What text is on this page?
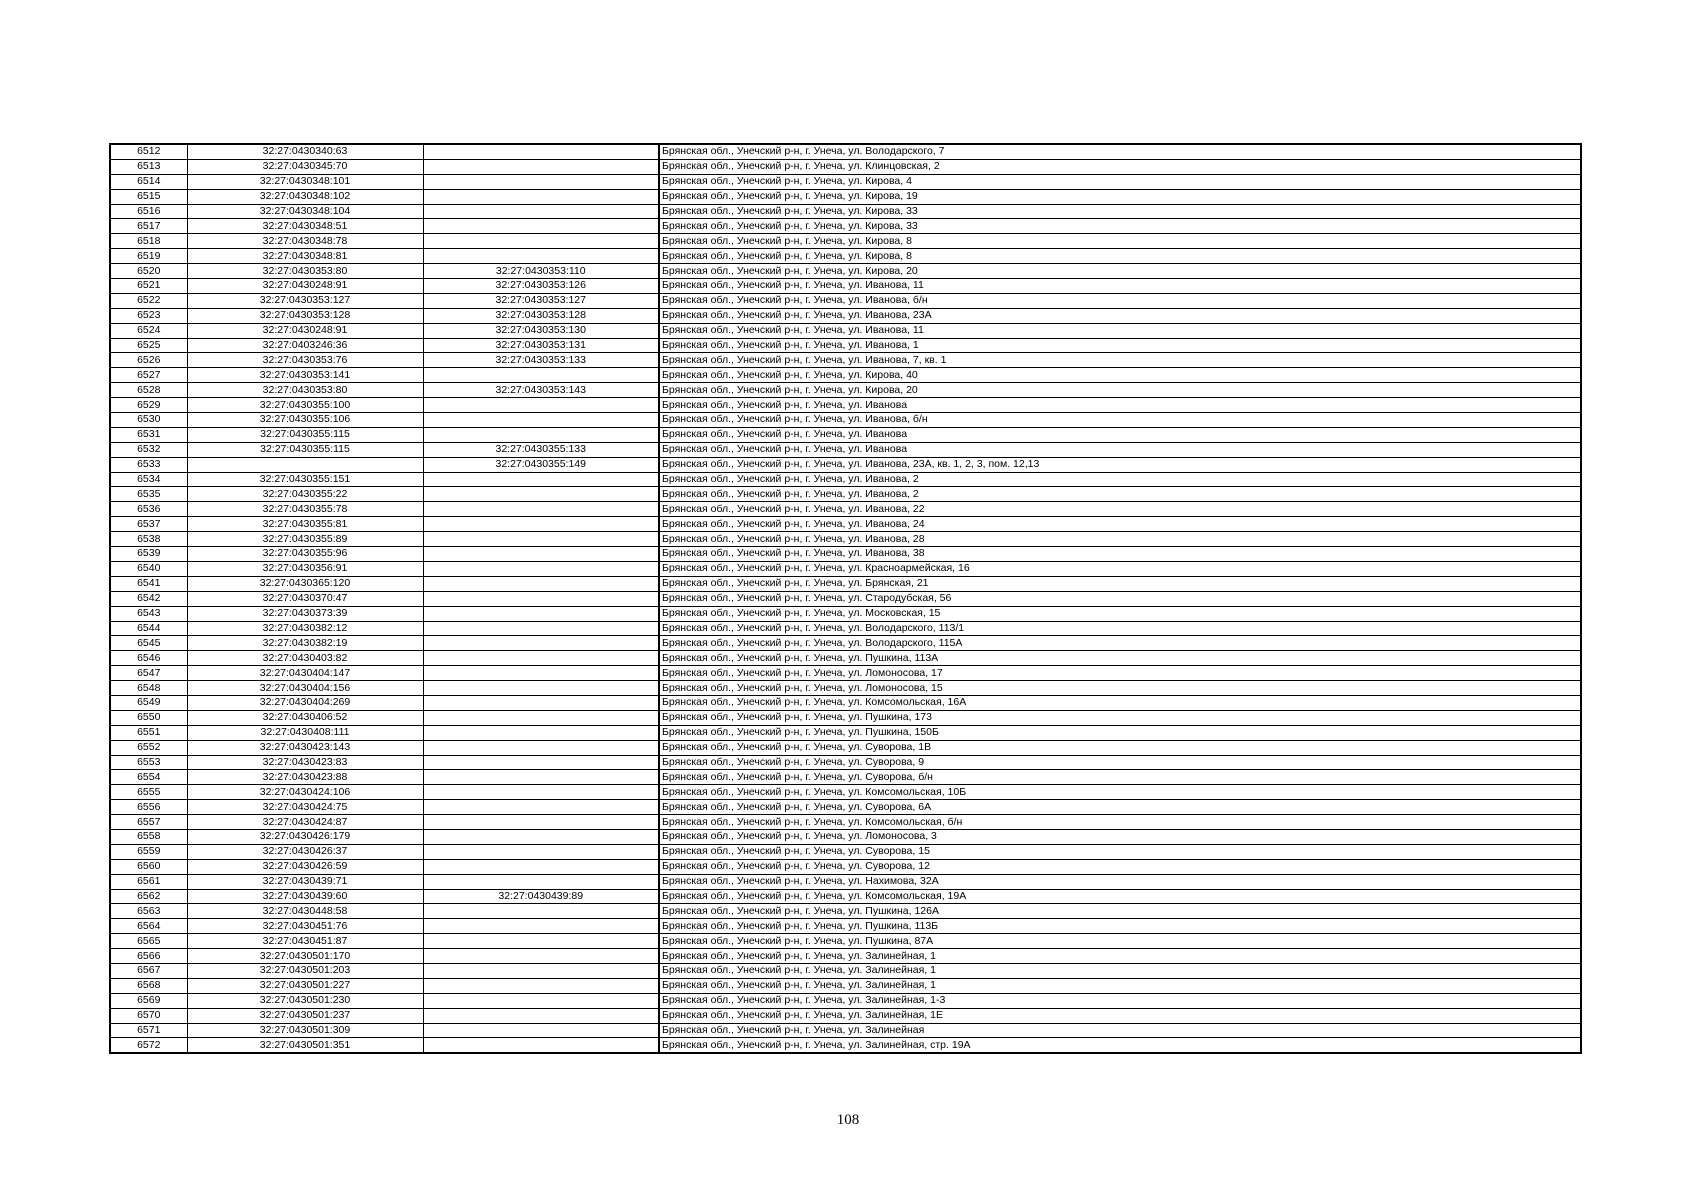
6512	32:27:0430340:63		Брянская обл., Унечский р-н, г. Унеча, ул. Володарского, 7
6513	32:27:0430345:70		Брянская обл., Унечский р-н, г. Унеча, ул. Клинцовская, 2
6514	32:27:0430348:101		Брянская обл., Унечский р-н, г. Унеча, ул. Кирова, 4
6515	32:27:0430348:102		Брянская обл., Унечский р-н, г. Унеча, ул. Кирова, 19
6516	32:27:0430348:104		Брянская обл., Унечский р-н, г. Унеча, ул. Кирова, 33
6517	32:27:0430348:51		Брянская обл., Унечский р-н, г. Унеча, ул. Кирова, 33
6518	32:27:0430348:78		Брянская обл., Унечский р-н, г. Унеча, ул. Кирова, 8
6519	32:27:0430348:81		Брянская обл., Унечский р-н, г. Унеча, ул. Кирова, 8
6520	32:27:0430353:80	32:27:0430353:110	Брянская обл., Унечский р-н, г. Унеча, ул. Кирова, 20
6521	32:27:0430248:91	32:27:0430353:126	Брянская обл., Унечский р-н, г. Унеча, ул. Иванова, 11
6522	32:27:0430353:127	32:27:0430353:127	Брянская обл., Унечский р-н, г. Унеча, ул. Иванова, б/н
6523	32:27:0430353:128	32:27:0430353:128	Брянская обл., Унечский р-н, г. Унеча, ул. Иванова, 23А
6524	32:27:0430248:91	32:27:0430353:130	Брянская обл., Унечский р-н, г. Унеча, ул. Иванова, 11
6525	32:27:0403246:36	32:27:0430353:131	Брянская обл., Унечский р-н, г. Унеча, ул. Иванова, 1
6526	32:27:0430353:76	32:27:0430353:133	Брянская обл., Унечский р-н, г. Унеча, ул. Иванова, 7, кв. 1
6527	32:27:0430353:141		Брянская обл., Унечский р-н, г. Унеча, ул. Кирова, 40
6528	32:27:0430353:80	32:27:0430353:143	Брянская обл., Унечский р-н, г. Унеча, ул. Кирова, 20
6529	32:27:0430355:100		Брянская обл., Унечский р-н, г. Унеча, ул. Иванова
6530	32:27:0430355:106		Брянская обл., Унечский р-н, г. Унеча, ул. Иванова, б/н
6531	32:27:0430355:115		Брянская обл., Унечский р-н, г. Унеча, ул. Иванова
6532	32:27:0430355:115	32:27:0430355:133	Брянская обл., Унечский р-н, г. Унеча, ул. Иванова
6533		32:27:0430355:149	Брянская обл., Унечский р-н, г. Унеча, ул. Иванова, 23А, кв. 1, 2, 3, пом. 12,13
6534	32:27:0430355:151		Брянская обл., Унечский р-н, г. Унеча, ул. Иванова, 2
6535	32:27:0430355:22		Брянская обл., Унечский р-н, г. Унеча, ул. Иванова, 2
6536	32:27:0430355:78		Брянская обл., Унечский р-н, г. Унеча, ул. Иванова, 22
6537	32:27:0430355:81		Брянская обл., Унечский р-н, г. Унеча, ул. Иванова, 24
6538	32:27:0430355:89		Брянская обл., Унечский р-н, г. Унеча, ул. Иванова, 28
6539	32:27:0430355:96		Брянская обл., Унечский р-н, г. Унеча, ул. Иванова, 38
6540	32:27:0430356:91		Брянская обл., Унечский р-н, г. Унеча, ул. Красноармейская, 16
6541	32:27:0430365:120		Брянская обл., Унечский р-н, г. Унеча, ул. Брянская, 21
6542	32:27:0430370:47		Брянская обл., Унечский р-н, г. Унеча, ул. Стародубская, 56
6543	32:27:0430373:39		Брянская обл., Унечский р-н, г. Унеча, ул. Московская, 15
6544	32:27:0430382:12		Брянская обл., Унечский р-н, г. Унеча, ул. Володарского, 113/1
6545	32:27:0430382:19		Брянская обл., Унечский р-н, г. Унеча, ул. Володарского, 115А
6546	32:27:0430403:82		Брянская обл., Унечский р-н, г. Унеча, ул. Пушкина, 113А
6547	32:27:0430404:147		Брянская обл., Унечский р-н, г. Унеча, ул. Ломоносова, 17
6548	32:27:0430404:156		Брянская обл., Унечский р-н, г. Унеча, ул. Ломоносова, 15
6549	32:27:0430404:269		Брянская обл., Унечский р-н, г. Унеча, ул. Комсомольская, 16А
6550	32:27:0430406:52		Брянская обл., Унечский р-н, г. Унеча, ул. Пушкина, 173
6551	32:27:0430408:111		Брянская обл., Унечский р-н, г. Унеча, ул. Пушкина, 150Б
6552	32:27:0430423:143		Брянская обл., Унечский р-н, г. Унеча, ул. Суворова, 1В
6553	32:27:0430423:83		Брянская обл., Унечский р-н, г. Унеча, ул. Суворова, 9
6554	32:27:0430423:88		Брянская обл., Унечский р-н, г. Унеча, ул. Суворова, б/н
6555	32:27:0430424:106		Брянская обл., Унечский р-н, г. Унеча, ул. Комсомольская, 10Б
6556	32:27:0430424:75		Брянская обл., Унечский р-н, г. Унеча, ул. Суворова, 6А
6557	32:27:0430424:87		Брянская обл., Унечский р-н, г. Унеча, ул. Комсомольская, б/н
6558	32:27:0430426:179		Брянская обл., Унечский р-н, г. Унеча, ул. Ломоносова, 3
6559	32:27:0430426:37		Брянская обл., Унечский р-н, г. Унеча, ул. Суворова, 15
6560	32:27:0430426:59		Брянская обл., Унечский р-н, г. Унеча, ул. Суворова, 12
6561	32:27:0430439:71		Брянская обл., Унечский р-н, г. Унеча, ул. Нахимова, 32А
6562	32:27:0430439:60	32:27:0430439:89	Брянская обл., Унечский р-н, г. Унеча, ул. Комсомольская, 19А
6563	32:27:0430448:58		Брянская обл., Унечский р-н, г. Унеча, ул. Пушкина, 126А
6564	32:27:0430451:76		Брянская обл., Унечский р-н, г. Унеча, ул. Пушкина, 113Б
6565	32:27:0430451:87		Брянская обл., Унечский р-н, г. Унеча, ул. Пушкина, 87А
6566	32:27:0430501:170		Брянская обл., Унечский р-н, г. Унеча, ул. Залинейная, 1
6567	32:27:0430501:203		Брянская обл., Унечский р-н, г. Унеча, ул. Залинейная, 1
6568	32:27:0430501:227		Брянская обл., Унечский р-н, г. Унеча, ул. Залинейная, 1
6569	32:27:0430501:230		Брянская обл., Унечский р-н, г. Унеча, ул. Залинейная, 1-3
6570	32:27:0430501:237		Брянская обл., Унечский р-н, г. Унеча, ул. Залинейная, 1Е
6571	32:27:0430501:309		Брянская обл., Унечский р-н, г. Унеча, ул. Залинейная
6572	32:27:0430501:351		Брянская обл., Унечский р-н, г. Унеча, ул. Залинейная, стр. 19А
108
